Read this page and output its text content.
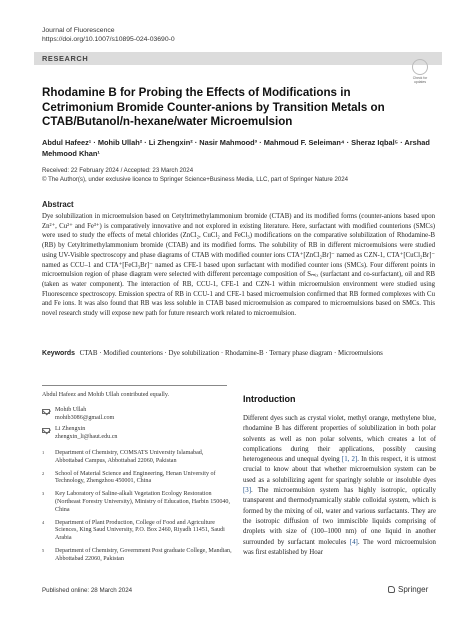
Journal of Fluorescence
https://doi.org/10.1007/s10895-024-03690-0
RESEARCH
Check for
updates
Rhodamine B for Probing the Effects of Modifications in Cetrimonium Bromide Counter-anions by Transition Metals on CTAB/Butanol/n-hexane/water Microemulsion
Abdul Hafeez¹ · Mohib Ullah² · Li Zhengxin² · Nasir Mahmood³ · Mahmoud F. Seleiman⁴ · Sheraz Iqbal⁵ · Arshad Mehmood Khan¹
Received: 22 February 2024 / Accepted: 23 March 2024
© The Author(s), under exclusive licence to Springer Science+Business Media, LLC, part of Springer Nature 2024
Abstract
Dye solubilization in microemulsion based on Cetyltrimethylammonium bromide (CTAB) and its modified forms (counter-anions based upon Zn²⁺, Cu²⁺ and Fe³⁺) is comparatively innovative and not explored in existing literature. Here, surfactant with modified counterions (SMCs) were used to study the effects of metal chlorides (ZnCl₂, CuCl₂ and FeCl₃) modifications on the comparative solubilization of Rhodamine-B (RB) by Cetyltrimethylammonium bromide (CTAB) and its modified forms. The solubility of RB in different microemulsions were studied using UV-Visible spectroscopy and phase diagrams of CTAB with modified counter ions CTA⁺[ZnCl₂Br]⁻ named as CZN-1, CTA⁺[CuCl₂Br]⁻ named as CCU–1 and CTA⁺[FeCl₃Br]⁻ named as CFE-1 based upon surfactant with modified counter ions (SMCs). Four different points in microemulsion region of phase diagram were selected with different percentage composition of Sₘᵢₓ (surfactant and co-surfactant), oil and RB (taken as water component). The interaction of RB, CCU-1, CFE-1 and CZN-1 within microemulsion environment were studied using Fluorescence spectroscopy. Emission spectra of RB in CCU-1 and CFE-1 based microemulsion confirmed that RB formed complexes with Cu and Fe ions. It was also found that RB was less soluble in CTAB based microemulsion as compared to microemulsions based on SMCs. This novel research study will expose new path for future research work related to microemulsion.
Keywords CTAB · Modified counterions · Dye solubilization · Rhodamine-B · Ternary phase diagram · Microemulsions
Abdul Hafeez and Mohib Ullah contributed equally.
Mohib Ullah
mohib3086@gmail.com
Li Zhengxin
zhengxin_li@haut.edu.cn
1 Department of Chemistry, COMSATS University Islamabad, Abbottabad Campus, Abbottabad 22060, Pakistan
2 School of Material Science and Engineering, Henan University of Technology, Zhengzhou 450001, China
3 Key Laboratory of Saline-alkali Vegetation Ecology Restoration (Northeast Forestry University), Ministry of Education, Harbin 150040, China
4 Department of Plant Production, College of Food and Agriculture Sciences, King Saud University, P.O. Box 2460, Riyadh 11451, Saudi Arabia
5 Department of Chemistry, Government Post graduate College, Mandian, Abbottabad 22060, Pakistan
Introduction
Different dyes such as crystal violet, methyl orange, methylene blue, rhodamine B has different properties of solubilization in both polar solvents as well as non polar solvents, which creates a lot of complications during their applications, possibly causing heterogeneous and unequal dyeing [1, 2]. In this respect, it is utmost crucial to know about that whether microemulsion system can be used as a solubilizing agent for sparingly soluble or insoluble dyes [3]. The microemulsion system has highly isotropic, optically transparent and thermodynamically stable colloidal system, which is formed by the mixing of oil, water and various surfactants. They are the isotropic diffusion of two immiscible liquids comprising of droplets with size of (100–1000 nm) of one liquid in another surrounded by surfactant molecules [4]. The word microemulsion was first established by Hoar
Published online: 28 March 2024	Springer
